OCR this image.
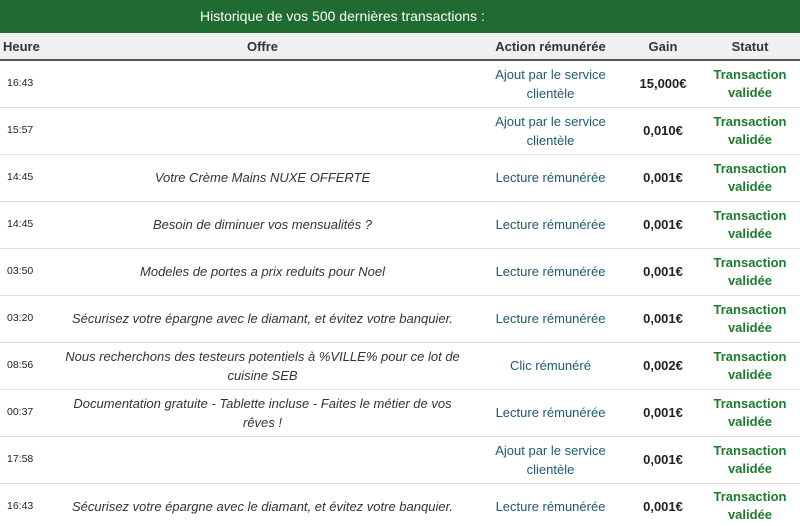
Historique de vos 500 dernières transactions :
Heure	Offre	Action rémunérée	Gain	Statut
16:43		Ajout par le service clientèle	15,000€	Transaction validée
15:57		Ajout par le service clientèle	0,010€	Transaction validée
14:45	Votre Crème Mains NUXE OFFERTE	Lecture rémunérée	0,001€	Transaction validée
14:45	Besoin de diminuer vos mensualités ?	Lecture rémunérée	0,001€	Transaction validée
03:50	Modeles de portes a prix reduits pour Noel	Lecture rémunérée	0,001€	Transaction validée
03:20	Sécurisez votre épargne avec le diamant, et évitez votre banquier.	Lecture rémunérée	0,001€	Transaction validée
08:56	Nous recherchons des testeurs potentiels à %VILLE% pour ce lot de cuisine SEB	Clic rémunéré	0,002€	Transaction validée
00:37	Documentation gratuite - Tablette incluse - Faites le métier de vos rêves !	Lecture rémunérée	0,001€	Transaction validée
17:58		Ajout par le service clientèle	0,001€	Transaction validée
16:43	Sécurisez votre épargne avec le diamant, et évitez votre banquier.	Lecture rémunérée	0,001€	Transaction validée
